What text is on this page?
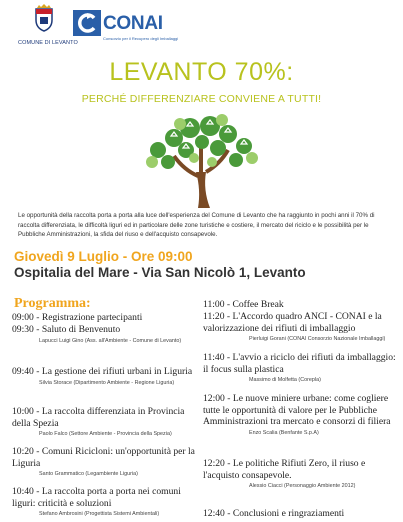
COMUNE DI LEVANTO
CONAI
Consorzio per il Recupero degli Imballaggi
LEVANTO 70%:
PERCHÉ DIFFERENZIARE CONVIENE A TUTTI!
Le opportunità della raccolta porta a porta alla luce dell'esperienza del Comune di Levanto che ha raggiunto in pochi anni il 70% di raccolta differenziata, le difficoltà liguri ed in particolare delle zone turistiche e costiere, il mercato del riciclo e le possibilità per le Pubbliche Amministrazioni, la sfida del riuso e dell'acquisto consapevole.
Giovedì 9 Luglio - Ore 09:00
Ospitalia del Mare - Via San Nicolò 1, Levanto
Programma:
09:00 - Registrazione partecipanti
09:30 - Saluto di Benvenuto
Lapucci Luigi Gino (Ass. all'Ambiente - Comune di Levanto)
09:40 - La gestione dei rifiuti urbani in Liguria
Silvia Storace (Dipartimento Ambiente - Regione Liguria)
10:00 - La raccolta differenziata in Provincia della Spezia
Paolo Falco (Settore Ambiente - Provincia della Spezia)
10:20 - Comuni Ricicloni: un'opportunità per la Liguria
Santo Grammatico (Legambiente Liguria)
10:40 - La raccolta porta a porta nei comuni liguri: criticità e soluzioni
Stefano Ambrosini (Progettista Sistemi Ambientali)
11:00 - Coffee Break
11:20 - L'Accordo quadro ANCI - CONAI e la valorizzazione dei rifiuti di imballaggio
Pierluigi Gorani (CONAI Consorzio Nazionale Imballaggi)
11:40 - L'avvio a riciclo dei rifiuti da imballaggio: il focus sulla plastica
Massimo di Molfetta (Corepla)
12:00 - Le nuove miniere urbane: come cogliere tutte le opportunità di valore per le Pubbliche Amministrazioni tra mercato e consorzi di filiera
Enzo Scalia (Benfante S.p.A)
12:20 - Le politiche Rifiuti Zero, il riuso e l'acquisto consapevole.
Alessio Ciacci (Personaggio Ambiente 2012)
12:40 - Conclusioni e ringraziamenti
